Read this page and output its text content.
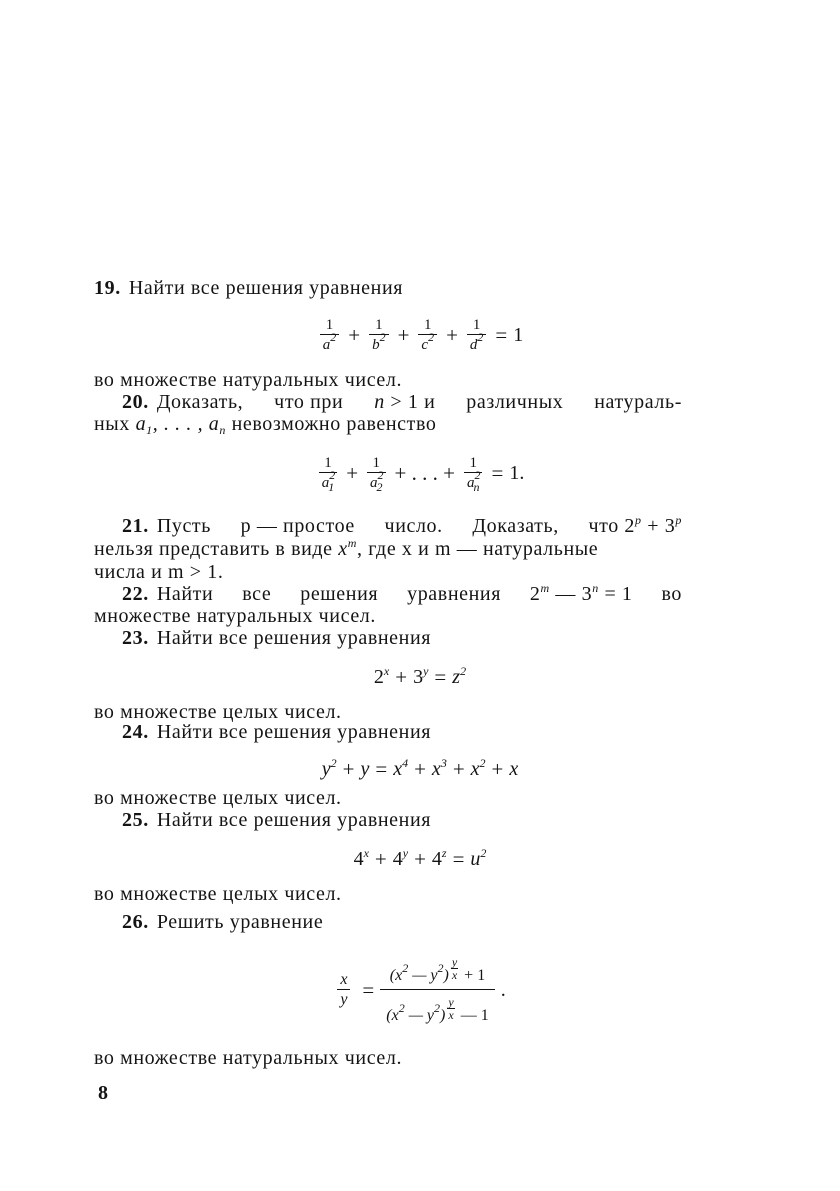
19. Найти все решения уравнения
$\frac{1}{a^2} + \frac{1}{b^2} + \frac{1}{c^2} + \frac{1}{d^2} = 1$
во множестве натуральных чисел.
20. Доказать, что при n > 1 и различных натураль-
ных $a_1$, . . . , $a_n$ невозможно равенство
$\frac{1}{a^2_1} + \frac{1}{a^2_2}$ + . . . + $\frac{1}{a^2_n} = 1$.
21. Пусть p — простое число. Доказать, что $2^p + 3^p$
нельзя представить в виде $x^m$, где x и m — натуральные
числа и m > 1.
22. Найти все решения уравнения 2$^m$ — $3^n = 1$ во
множестве натуральных чисел.
23. Найти все решения уравнения
$2^x + 3^y = z^2$
во множестве целых чисел.
24. Найти все решения уравнения
$y^2 + y = x^4 + x^3 + x^2 + x$
во множестве целых чисел.
25. Найти все решения уравнения
$4^x + 4^y + 4^z = u^2$
во множестве целых чисел.
26. Решить уравнение
$\frac{x}{y} = \frac{(x^2 — y^2) \frac{y}{x} + 1}{(x^2 — y^2) \frac{y}{x} — 1}$ .
во множестве натуральных чисел.
8
